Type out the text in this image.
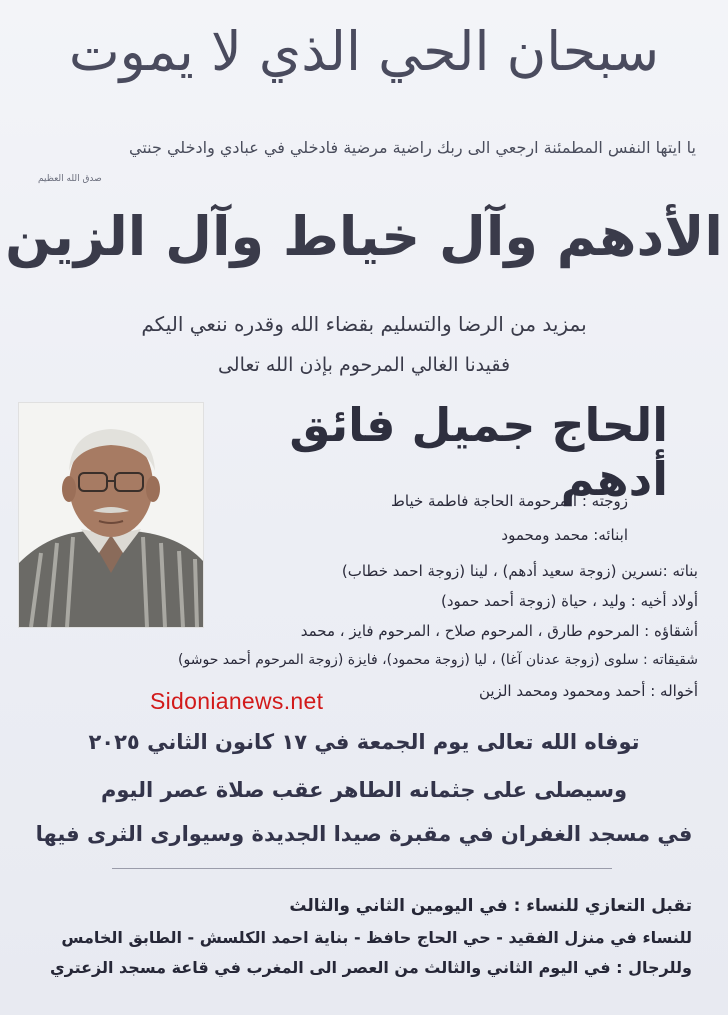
سبحان الحي الذي لا يموت
يا ايتها النفس المطمئنة ارجعي الى ربك راضية مرضية فادخلي في عبادي وادخلي جنتي
صدق الله العظيم
الأدهم وآل خياط وآل الزين
بمزيد من الرضا والتسليم بقضاء الله وقدره ننعي اليكم
فقيدنا الغالي المرحوم بإذن الله تعالى
الحاج جميل فائق أدهم
زوجته : المرحومة الحاجة فاطمة خياط
ابنائه: محمد ومحمود
بناته :نسرين (زوجة سعيد أدهم) ، لينا (زوجة احمد خطاب)
أولاد أخيه : وليد ، حياة (زوجة أحمد حمود)
أشقاؤه : المرحوم طارق ، المرحوم صلاح ، المرحوم فايز ، محمد
شقيقاته : سلوى (زوجة عدنان آغا) ، ليا (زوجة محمود)، فايزة (زوجة المرحوم أحمد حوشو)
أخواله : أحمد ومحمود ومحمد الزين
Sidonianews.net
توفاه الله تعالى يوم الجمعة في ١٧ كانون الثاني ٢٠٢٥
وسيصلى على جثمانه الطاهر عقب صلاة عصر اليوم
في مسجد الغفران في مقبرة صيدا الجديدة وسيوارى الثرى فيها
تقبل التعازي للنساء : في اليومين الثاني والثالث
للنساء في منزل الفقيد - حي الحاج حافظ - بناية احمد الكلسش - الطابق الخامس
وللرجال : في اليوم الثاني والثالث من العصر الى المغرب في قاعة مسجد الزعتري
